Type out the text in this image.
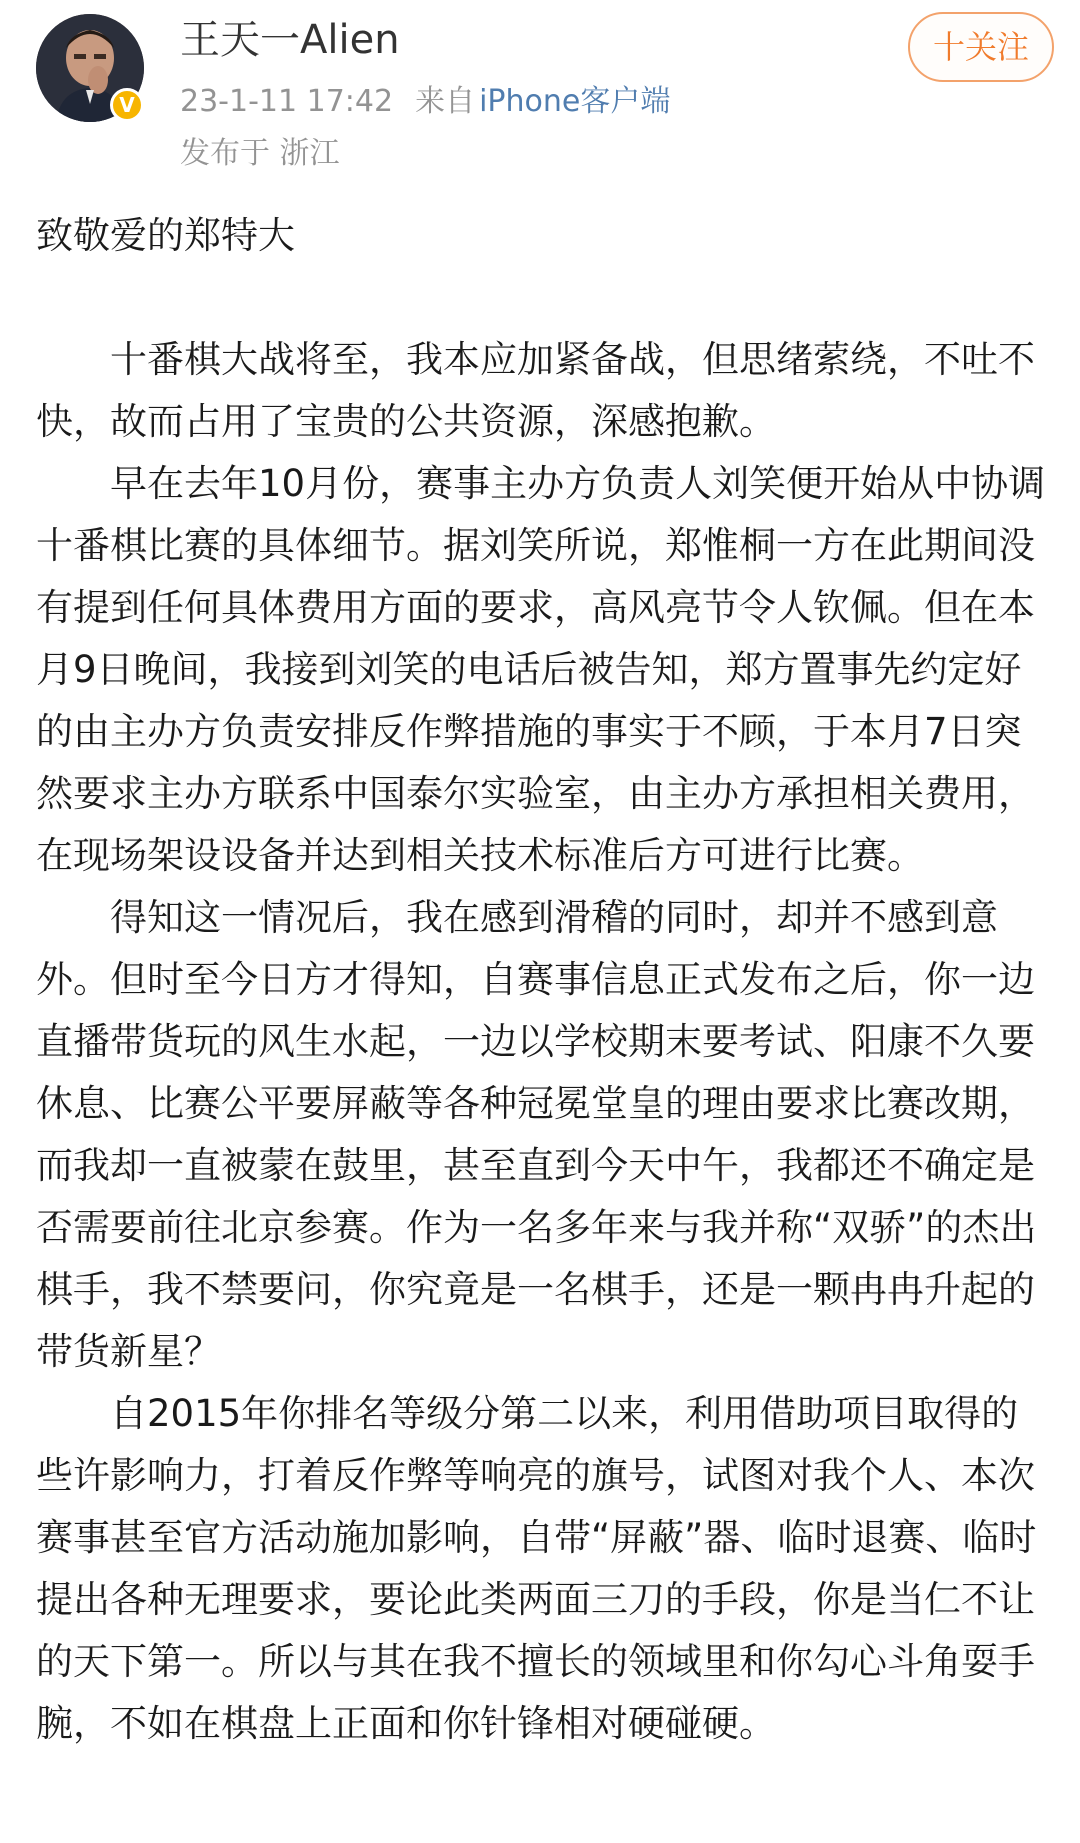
V
王天一Alien
23-1-11 17:42 来自 iPhone客户端
发布于 浙江
十关注

致敬爱的郑特大

十番棋大战将至，我本应加紧备战，但思绪萦绕，不吐不快，故而占用了宝贵的公共资源，深感抱歉。

早在去年10月份，赛事主办方负责人刘笑便开始从中协调十番棋比赛的具体细节。据刘笑所说，郑惟桐一方在此期间没有提到任何具体费用方面的要求，高风亮节令人钦佩。但在本月9日晚间，我接到刘笑的电话后被告知，郑方置事先约定好的由主办方负责安排反作弊措施的事实于不顾，于本月7日突然要求主办方联系中国泰尔实验室，由主办方承担相关费用，在现场架设设备并达到相关技术标准后方可进行比赛。

得知这一情况后，我在感到滑稽的同时，却并不感到意外。但时至今日方才得知，自赛事信息正式发布之后，你一边直播带货玩的风生水起，一边以学校期末要考试、阳康不久要休息、比赛公平要屏蔽等各种冠冕堂皇的理由要求比赛改期，而我却一直被蒙在鼓里，甚至直到今天中午，我都还不确定是否需要前往北京参赛。作为一名多年来与我并称“双骄”的杰出棋手，我不禁要问，你究竟是一名棋手，还是一颗冉冉升起的带货新星？

自2015年你排名等级分第二以来，利用借助项目取得的些许影响力，打着反作弊等响亮的旗号，试图对我个人、本次赛事甚至官方活动施加影响，自带“屏蔽”器、临时退赛、临时提出各种无理要求，要论此类两面三刀的手段，你是当仁不让的天下第一。所以与其在我不擅长的领域里和你勾心斗角耍手腕，不如在棋盘上正面和你针锋相对硬碰硬。
